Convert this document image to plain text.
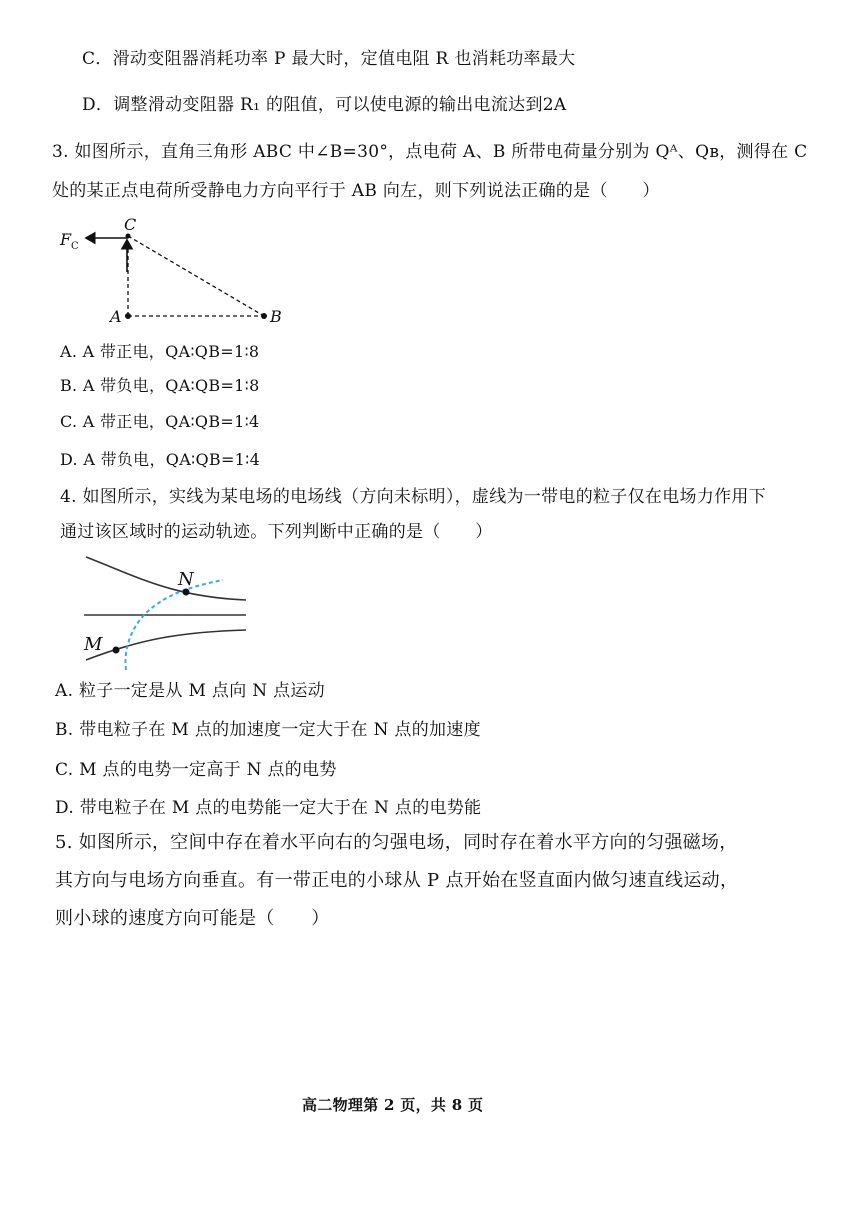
C．滑动变阻器消耗功率 P 最大时，定值电阻 R 也消耗功率最大
D．调整滑动变阻器 R₁ 的阻值，可以使电源的输出电流达到2A
3. 如图所示，直角三角形 ABC 中∠B=30°，点电荷 A、B 所带电荷量分别为 Qᴬ、Qʙ，测得在 C
处的某正点电荷所受静电力方向平行于 AB 向左，则下列说法正确的是（　　）
F C
C
A	B
A. A 带正电，QA∶QB=1∶8
B. A 带负电，QA∶QB=1∶8
C. A 带正电，QA∶QB=1∶4
D. A 带负电，QA∶QB=1∶4
4. 如图所示，实线为某电场的电场线（方向未标明），虚线为一带电的粒子仅在电场力作用下
通过该区域时的运动轨迹。下列判断中正确的是（　　）
N
M
A. 粒子一定是从 M 点向 N 点运动
B. 带电粒子在 M 点的加速度一定大于在 N 点的加速度
C. M 点的电势一定高于 N 点的电势
D. 带电粒子在 M 点的电势能一定大于在 N 点的电势能
5. 如图所示，空间中存在着水平向右的匀强电场，同时存在着水平方向的匀强磁场，
其方向与电场方向垂直。有一带正电的小球从 P 点开始在竖直面内做匀速直线运动，
则小球的速度方向可能是（　　）
高二物理第 2 页，共 8 页
